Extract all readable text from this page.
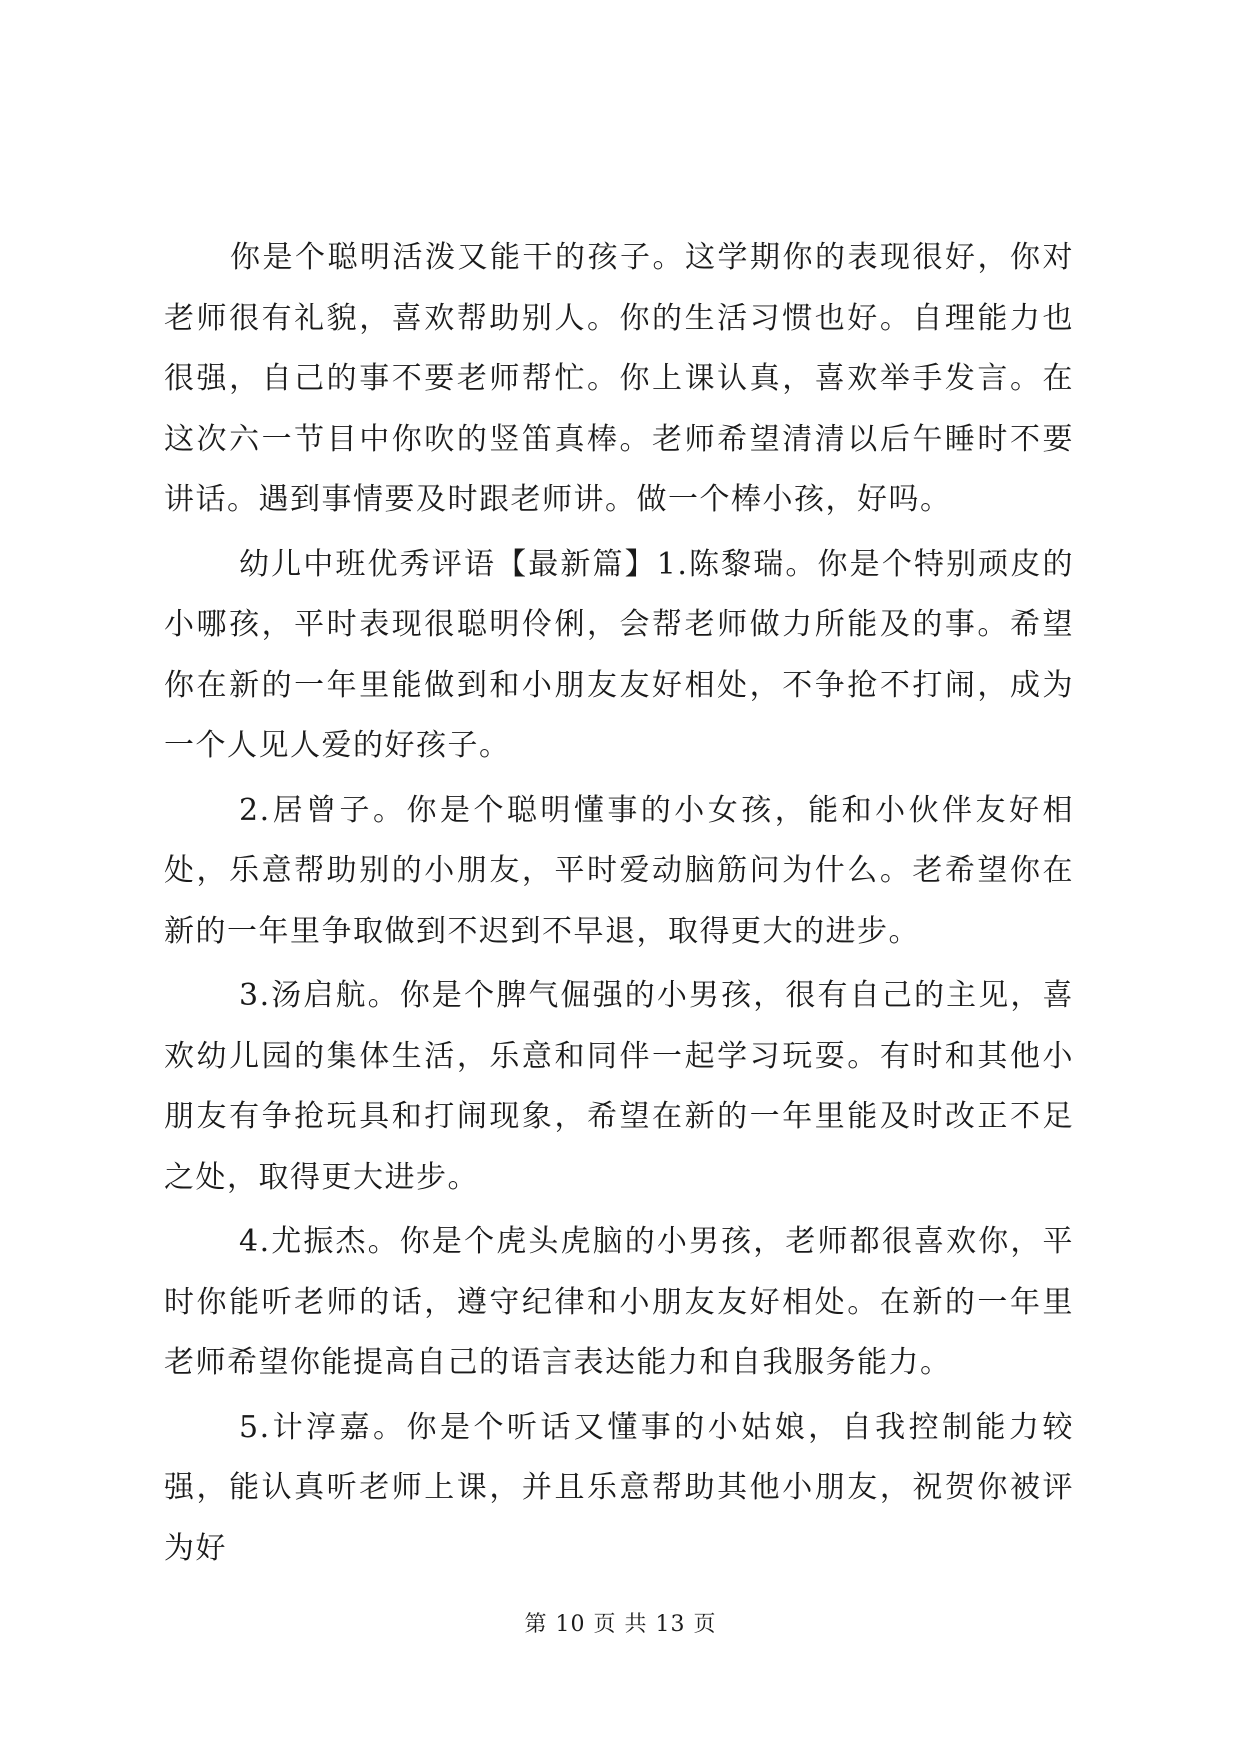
你是个聪明活泼又能干的孩子。这学期你的表现很好，你对老师很有礼貌，喜欢帮助别人。你的生活习惯也好。自理能力也很强，自己的事不要老师帮忙。你上课认真，喜欢举手发言。在这次六一节目中你吹的竖笛真棒。老师希望清清以后午睡时不要讲话。遇到事情要及时跟老师讲。做一个棒小孩，好吗。

幼儿中班优秀评语【最新篇】1.陈黎瑞。你是个特别顽皮的小哪孩，平时表现很聪明伶俐，会帮老师做力所能及的事。希望你在新的一年里能做到和小朋友友好相处，不争抢不打闹，成为一个人见人爱的好孩子。

2.居曾子。你是个聪明懂事的小女孩，能和小伙伴友好相处，乐意帮助别的小朋友，平时爱动脑筋问为什么。老希望你在新的一年里争取做到不迟到不早退，取得更大的进步。

3.汤启航。你是个脾气倔强的小男孩，很有自己的主见，喜欢幼儿园的集体生活，乐意和同伴一起学习玩耍。有时和其他小朋友有争抢玩具和打闹现象，希望在新的一年里能及时改正不足之处，取得更大进步。

4.尤振杰。你是个虎头虎脑的小男孩，老师都很喜欢你，平时你能听老师的话，遵守纪律和小朋友友好相处。在新的一年里老师希望你能提高自己的语言表达能力和自我服务能力。

5.计淳嘉。你是个听话又懂事的小姑娘，自我控制能力较强，能认真听老师上课，并且乐意帮助其他小朋友，祝贺你被评为好

第 10 页 共 13 页
